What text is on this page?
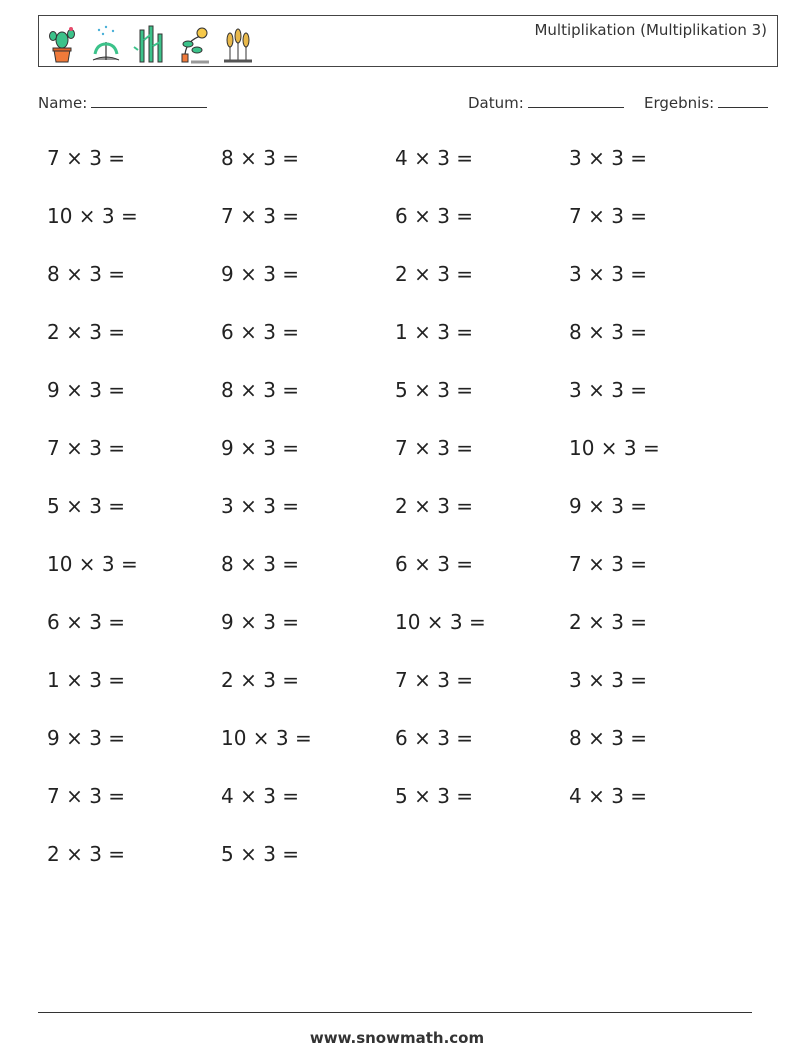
Multiplikation (Multiplikation 3)
Name:	Datum:	Ergebnis:
7 × 3 =	8 × 3 =	4 × 3 =	3 × 3 =
10 × 3 =	7 × 3 =	6 × 3 =	7 × 3 =
8 × 3 =	9 × 3 =	2 × 3 =	3 × 3 =
2 × 3 =	6 × 3 =	1 × 3 =	8 × 3 =
9 × 3 =	8 × 3 =	5 × 3 =	3 × 3 =
7 × 3 =	9 × 3 =	7 × 3 =	10 × 3 =
5 × 3 =	3 × 3 =	2 × 3 =	9 × 3 =
10 × 3 =	8 × 3 =	6 × 3 =	7 × 3 =
6 × 3 =	9 × 3 =	10 × 3 =	2 × 3 =
1 × 3 =	2 × 3 =	7 × 3 =	3 × 3 =
9 × 3 =	10 × 3 =	6 × 3 =	8 × 3 =
7 × 3 =	4 × 3 =	5 × 3 =	4 × 3 =
2 × 3 =	5 × 3 =
www.snowmath.com
